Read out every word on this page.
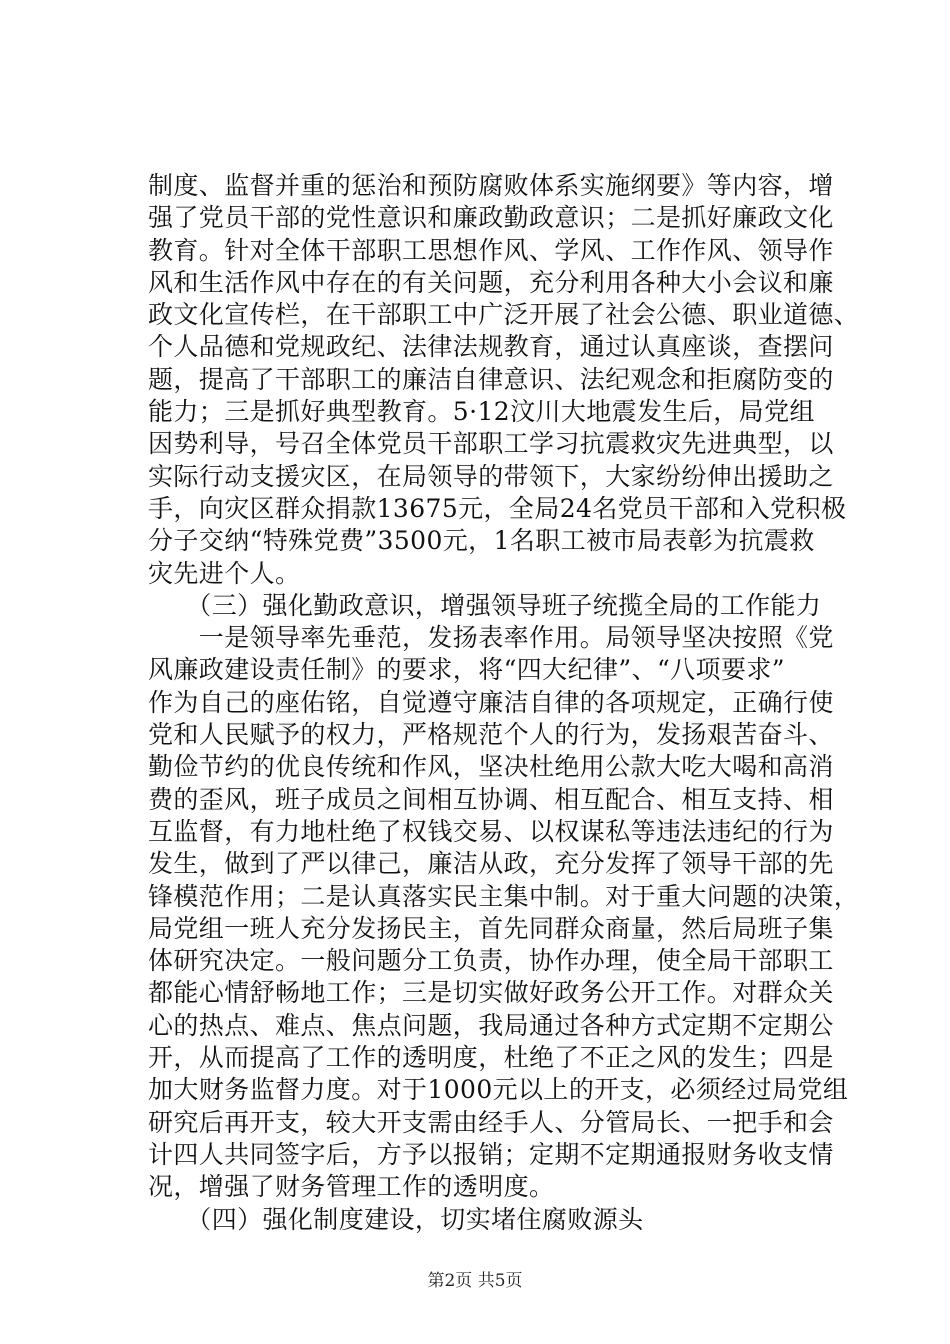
制度、监督并重的惩治和预防腐败体系实施纲要》等内容，增
强了党员干部的党性意识和廉政勤政意识；二是抓好廉政文化
教育。针对全体干部职工思想作风、学风、工作作风、领导作
风和生活作风中存在的有关问题，充分利用各种大小会议和廉
政文化宣传栏，在干部职工中广泛开展了社会公德、职业道德、
个人品德和党规政纪、法律法规教育，通过认真座谈，查摆问
题，提高了干部职工的廉洁自律意识、法纪观念和拒腐防变的
能力；三是抓好典型教育。5·12汶川大地震发生后，局党组
因势利导，号召全体党员干部职工学习抗震救灾先进典型，以
实际行动支援灾区，在局领导的带领下，大家纷纷伸出援助之
手，向灾区群众捐款13675元，全局24名党员干部和入党积极
分子交纳“特殊党费”3500元，1名职工被市局表彰为抗震救
灾先进个人。
　　（三）强化勤政意识，增强领导班子统揽全局的工作能力
　　一是领导率先垂范，发扬表率作用。局领导坚决按照《党
风廉政建设责任制》的要求，将“四大纪律”、“八项要求”
作为自己的座佑铭，自觉遵守廉洁自律的各项规定，正确行使
党和人民赋予的权力，严格规范个人的行为，发扬艰苦奋斗、
勤俭节约的优良传统和作风，坚决杜绝用公款大吃大喝和高消
费的歪风，班子成员之间相互协调、相互配合、相互支持、相
互监督，有力地杜绝了权钱交易、以权谋私等违法违纪的行为
发生，做到了严以律己，廉洁从政，充分发挥了领导干部的先
锋模范作用；二是认真落实民主集中制。对于重大问题的决策，
局党组一班人充分发扬民主，首先同群众商量，然后局班子集
体研究决定。一般问题分工负责，协作办理，使全局干部职工
都能心情舒畅地工作；三是切实做好政务公开工作。对群众关
心的热点、难点、焦点问题，我局通过各种方式定期不定期公
开，从而提高了工作的透明度，杜绝了不正之风的发生；四是
加大财务监督力度。对于1000元以上的开支，必须经过局党组
研究后再开支，较大开支需由经手人、分管局长、一把手和会
计四人共同签字后，方予以报销；定期不定期通报财务收支情
况，增强了财务管理工作的透明度。
　　（四）强化制度建设，切实堵住腐败源头
第2页 共5页
